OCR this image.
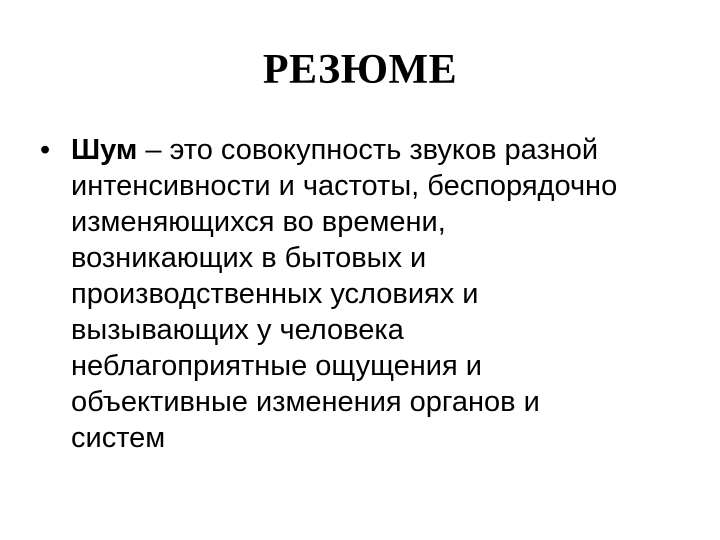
РЕЗЮМЕ
• Шум – это совокупность звуков разной
интенсивности и частоты, беспорядочно
изменяющихся во времени,
возникающих в бытовых и
производственных условиях и
вызывающих у человека
неблагоприятные ощущения и
объективные изменения органов и
систем
